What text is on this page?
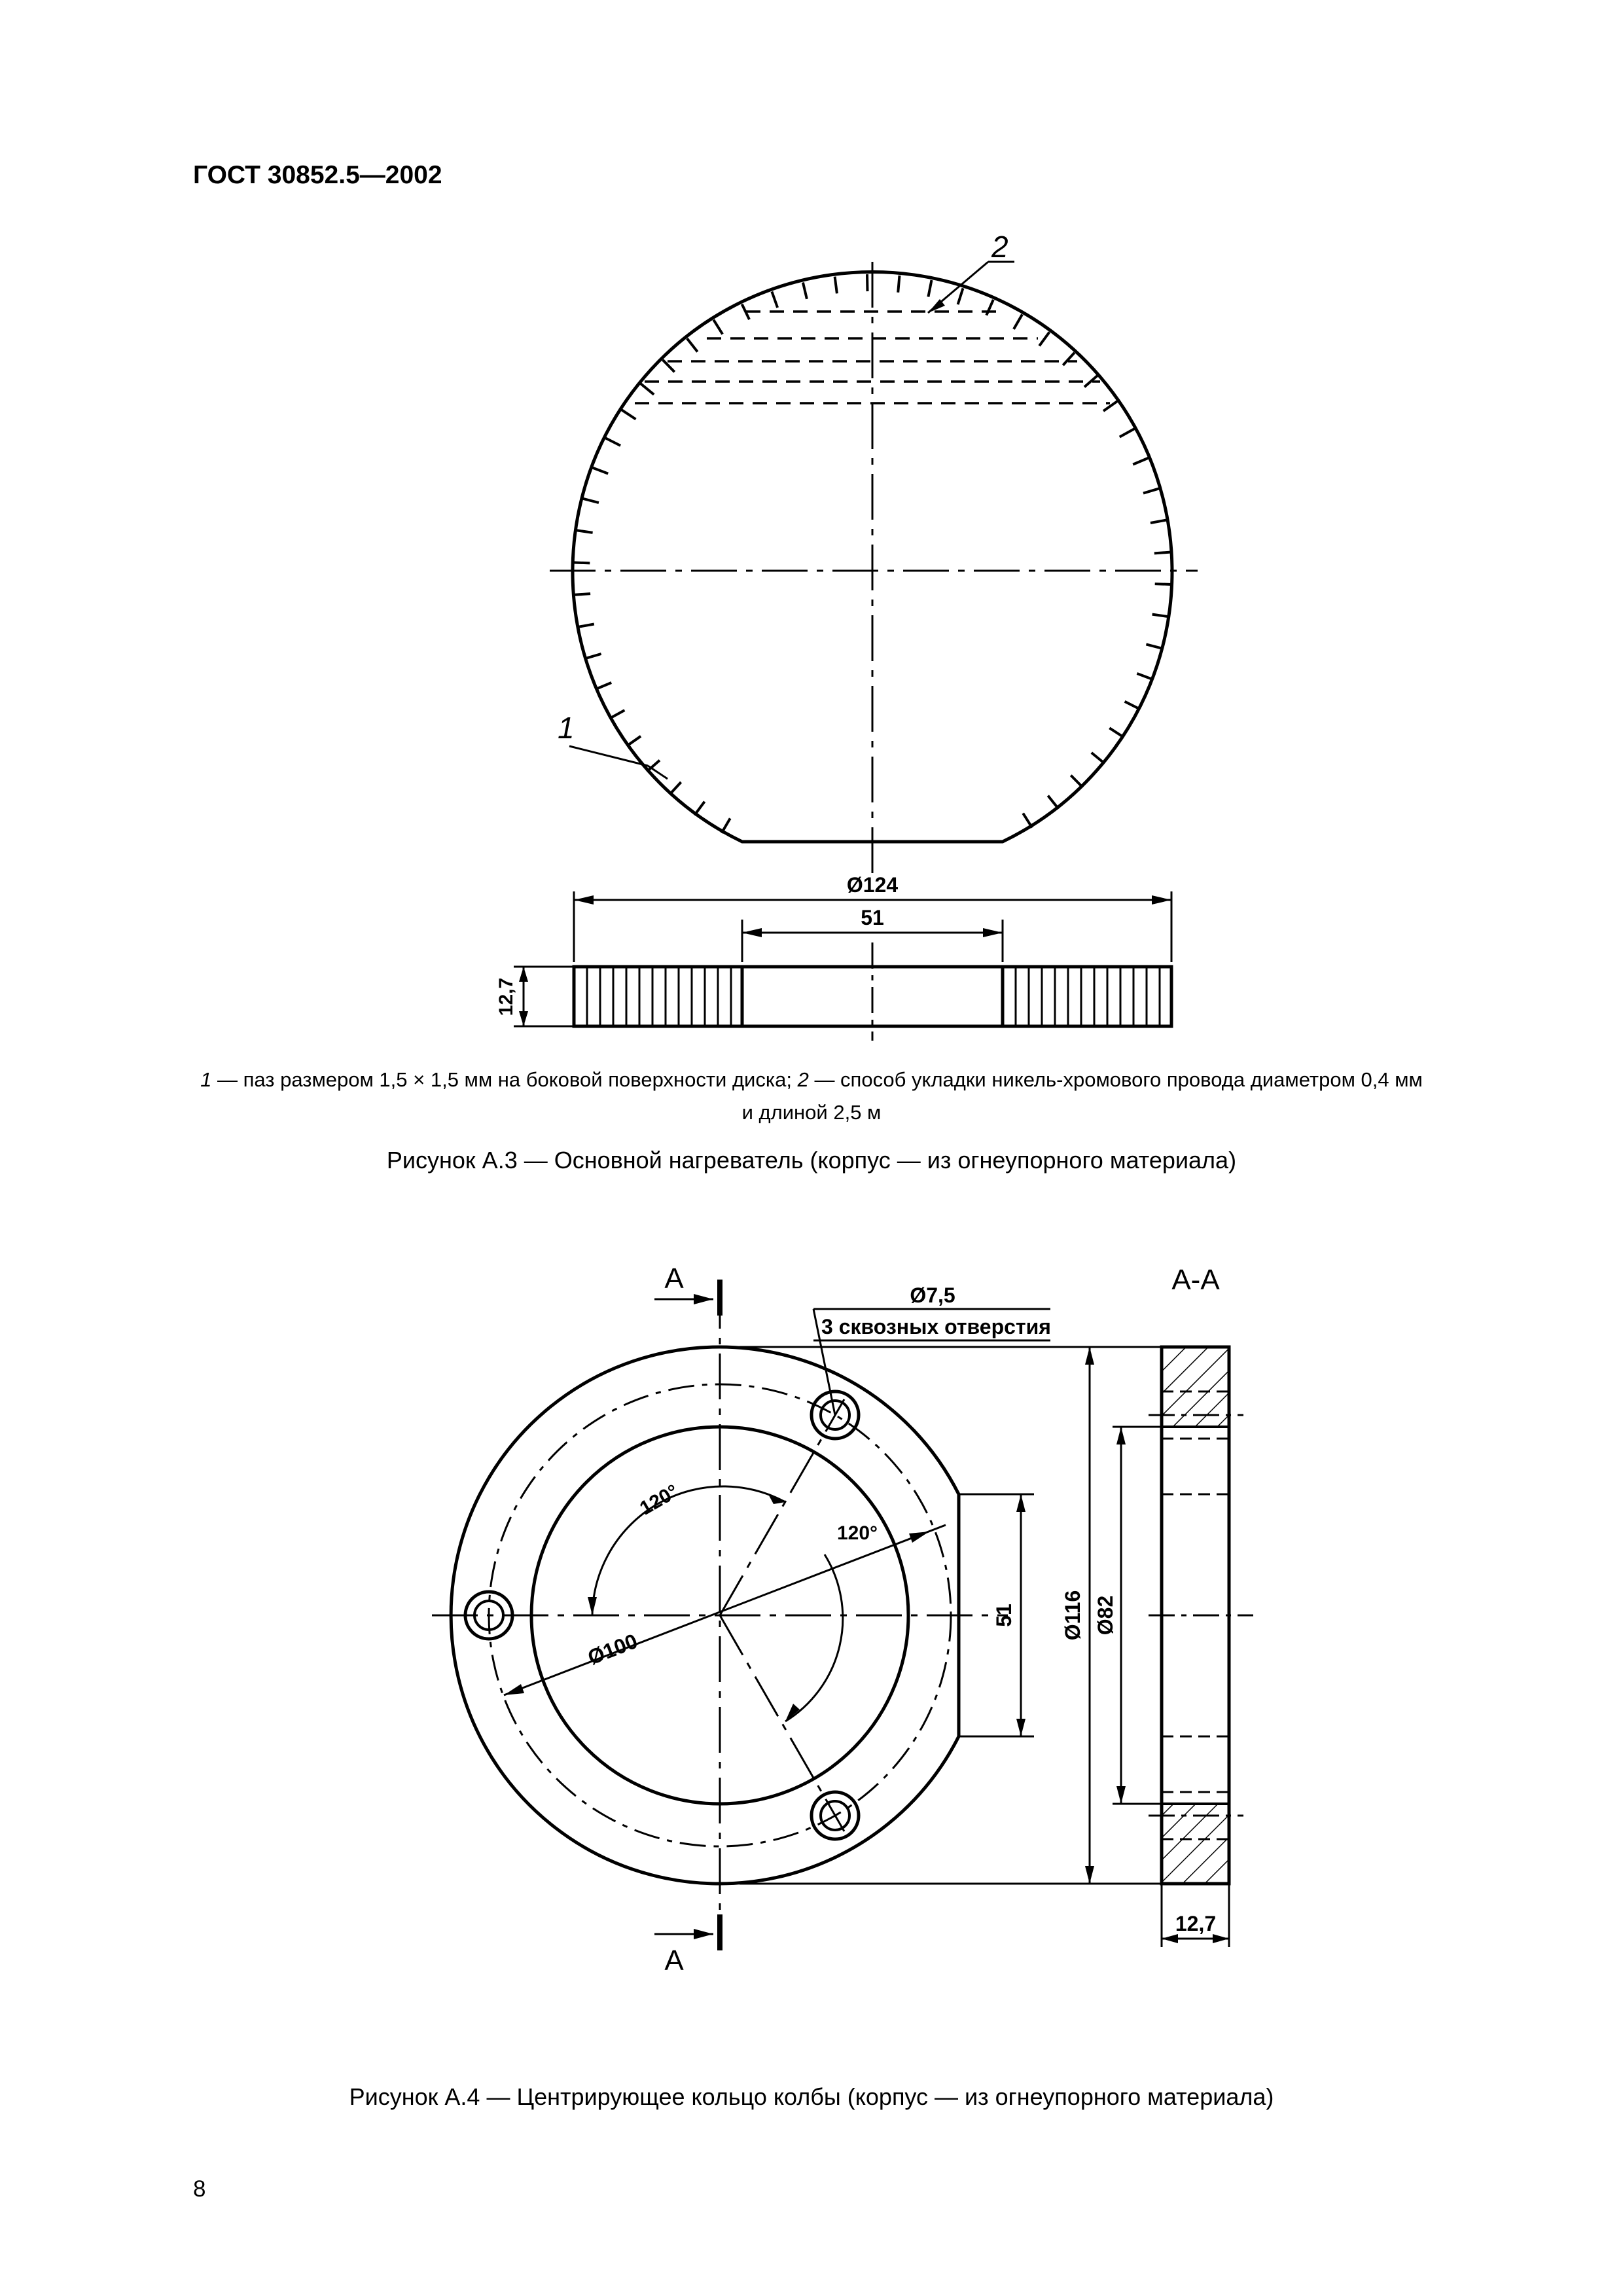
ГОСТ 30852.5—2002
2
1
Ø124
51
12,7
1 — паз размером 1,5 × 1,5 мм на боковой поверхности диска; 2 — способ укладки никель-хромового провода диаметром 0,4 мм
и длиной 2,5 м
Рисунок А.3 — Основной нагреватель (корпус — из огнеупорного материала)
Ø100
120°
120°
Ø7,5
3 сквозных отверстия
А
А
51 Ø116 Ø82
А-А
12,7
Рисунок А.4 — Центрирующее кольцо колбы (корпус — из огнеупорного материала)
8
